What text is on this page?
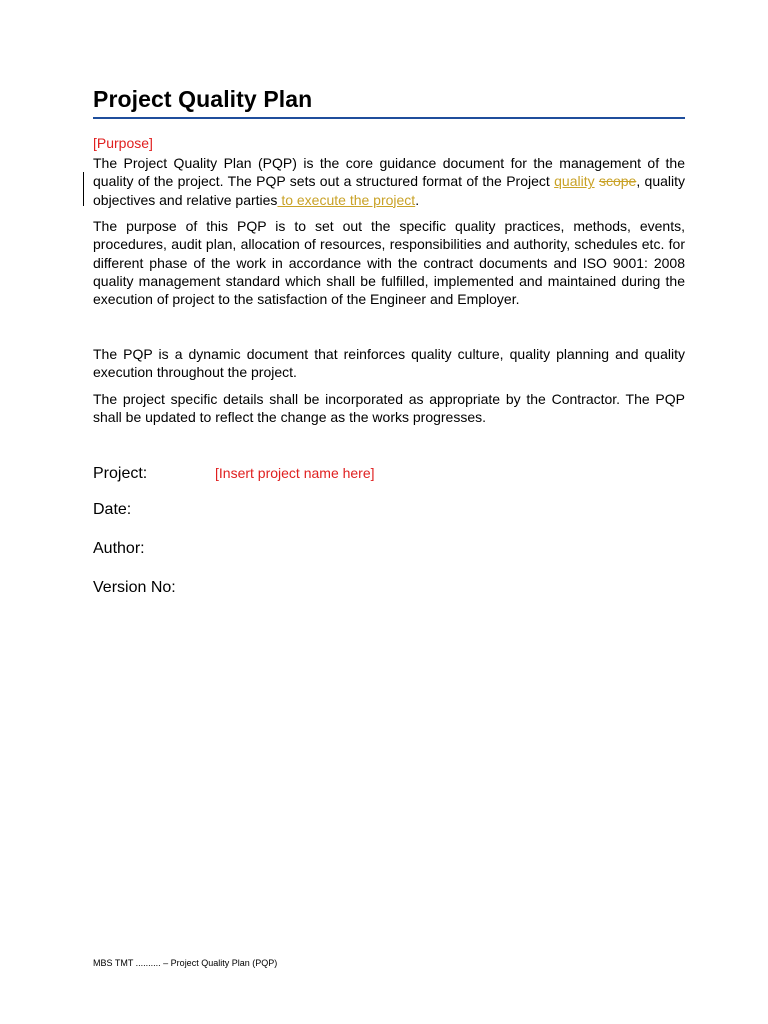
Project Quality Plan
[Purpose]

The Project Quality Plan (PQP) is the core guidance document for the management of the quality of the project. The PQP sets out a structured format of the Project quality scope, quality objectives and relative parties to execute the project.

The purpose of this PQP is to set out the specific quality practices, methods, events, procedures, audit plan, allocation of resources, responsibilities and authority, schedules etc. for different phase of the work in accordance with the contract documents and ISO 9001: 2008 quality management standard which shall be fulfilled, implemented and maintained during the execution of project to the satisfaction of the Engineer and Employer.

The PQP is a dynamic document that reinforces quality culture, quality planning and quality execution throughout the project.

The project specific details shall be incorporated as appropriate by the Contractor. The PQP shall be updated to reflect the change as the works progresses.

Project:	[Insert project name here]
Date:
Author:
Version No:
MBS TMT .......... – Project Quality Plan (PQP)
